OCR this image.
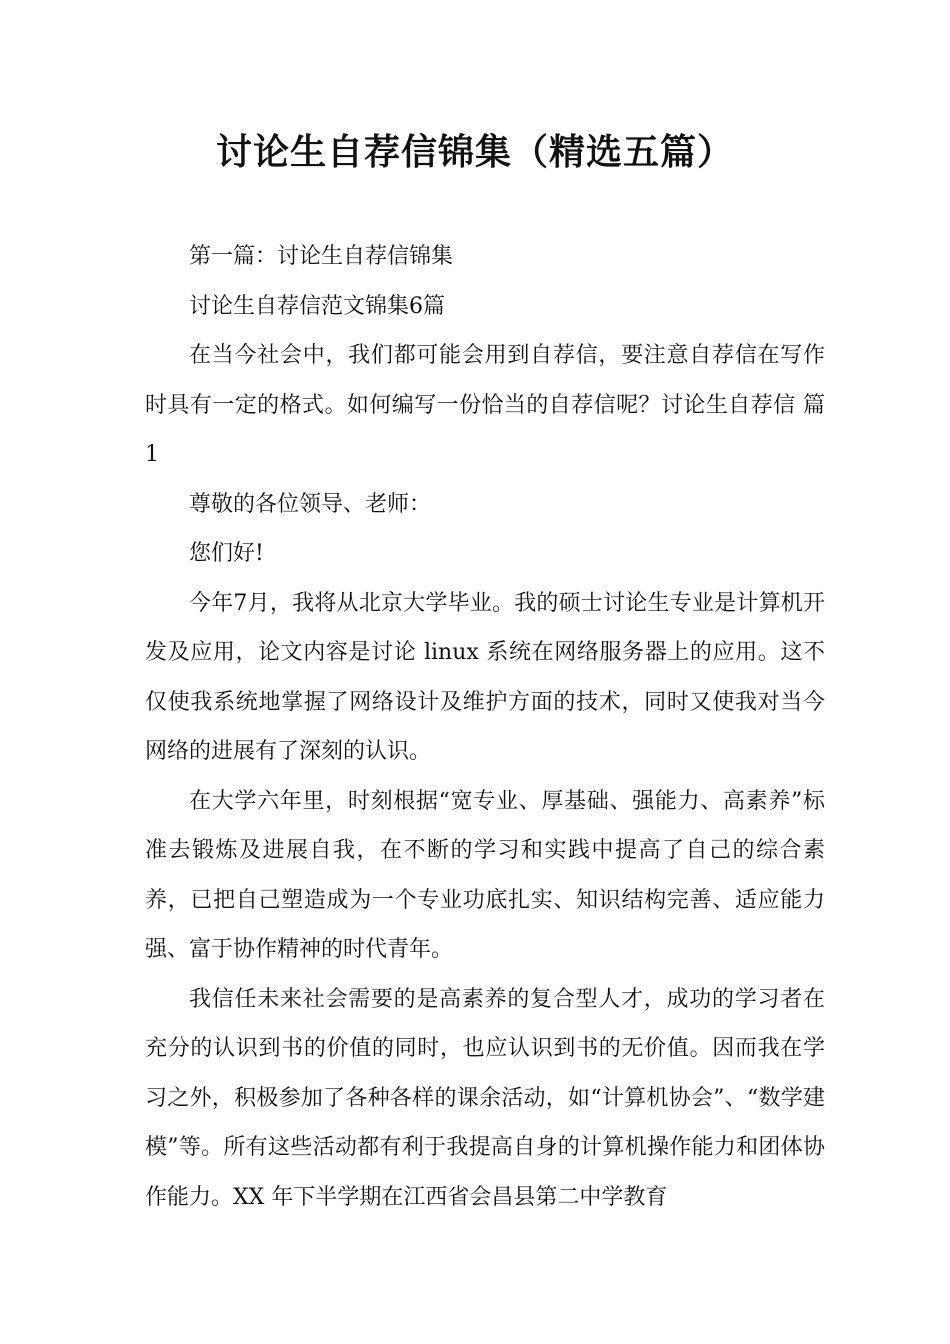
讨论生自荐信锦集（精选五篇）

第一篇：讨论生自荐信锦集

讨论生自荐信范文锦集6篇

在当今社会中，我们都可能会用到自荐信，要注意自荐信在写作时具有一定的格式。如何编写一份恰当的自荐信呢？讨论生自荐信 篇1

尊敬的各位领导、老师：

您们好!

今年7月，我将从北京大学毕业。我的硕士讨论生专业是计算机开发及应用，论文内容是讨论 linux 系统在网络服务器上的应用。这不仅使我系统地掌握了网络设计及维护方面的技术，同时又使我对当今网络的进展有了深刻的认识。

在大学六年里，时刻根据“宽专业、厚基础、强能力、高素养”标准去锻炼及进展自我，在不断的学习和实践中提高了自己的综合素养，已把自己塑造成为一个专业功底扎实、知识结构完善、适应能力强、富于协作精神的时代青年。

我信任未来社会需要的是高素养的复合型人才，成功的学习者在充分的认识到书的价值的同时，也应认识到书的无价值。因而我在学习之外，积极参加了各种各样的课余活动，如“计算机协会”、“数学建模”等。所有这些活动都有利于我提高自身的计算机操作能力和团体协作能力。XX 年下半学期在江西省会昌县第二中学教育
